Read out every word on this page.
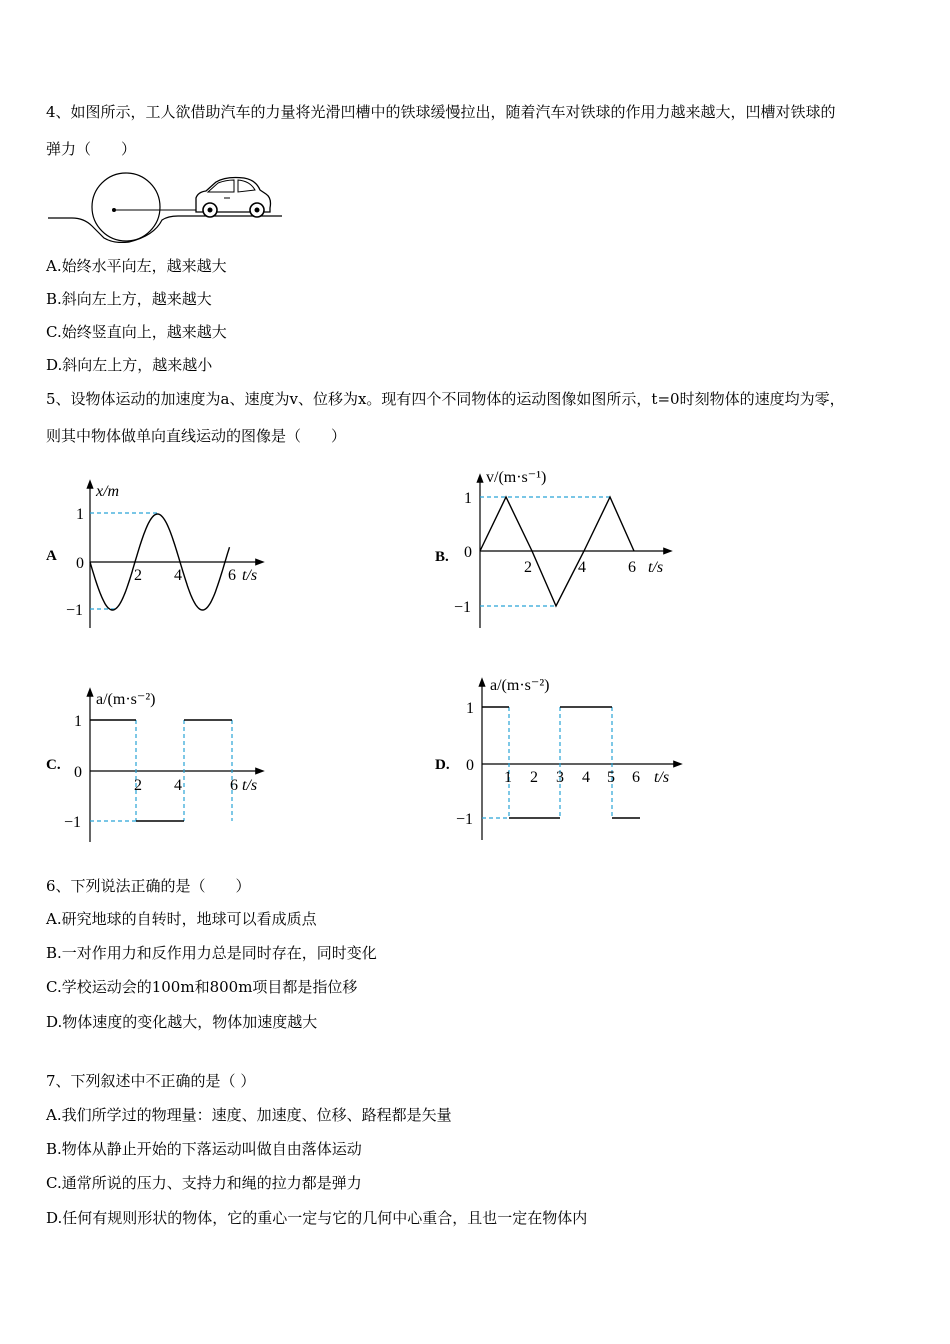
4、如图所示，工人欲借助汽车的力量将光滑凹槽中的铁球缓慢拉出，随着汽车对铁球的作用力越来越大，凹槽对铁球的
弹力（　　）
A.始终水平向左，越来越大
B.斜向左上方，越来越大
C.始终竖直向上，越来越大
D.斜向左上方，越来越小
5、设物体运动的加速度为a、速度为v、位移为x。现有四个不同物体的运动图像如图所示，t=0时刻物体的速度均为零，
则其中物体做单向直线运动的图像是（　　）
A
x/m
1
0
−1
2 4	6 t/s
B.
v/(m·s⁻¹)
1
0
−1
2	4	6 t/s
C.
a/(m·s⁻²)
1
0
−1
2 4	6 t/s
D.
a/(m·s⁻²)
1
0
−1
1 2 3 4 5 6 t/s
6、下列说法正确的是（　　）
A.研究地球的自转时，地球可以看成质点
B.一对作用力和反作用力总是同时存在，同时变化
C.学校运动会的100m和800m项目都是指位移
D.物体速度的变化越大，物体加速度越大
7、下列叙述中不正确的是（ ）
A.我们所学过的物理量：速度、加速度、位移、路程都是矢量
B.物体从静止开始的下落运动叫做自由落体运动
C.通常所说的压力、支持力和绳的拉力都是弹力
D.任何有规则形状的物体，它的重心一定与它的几何中心重合，且也一定在物体内
